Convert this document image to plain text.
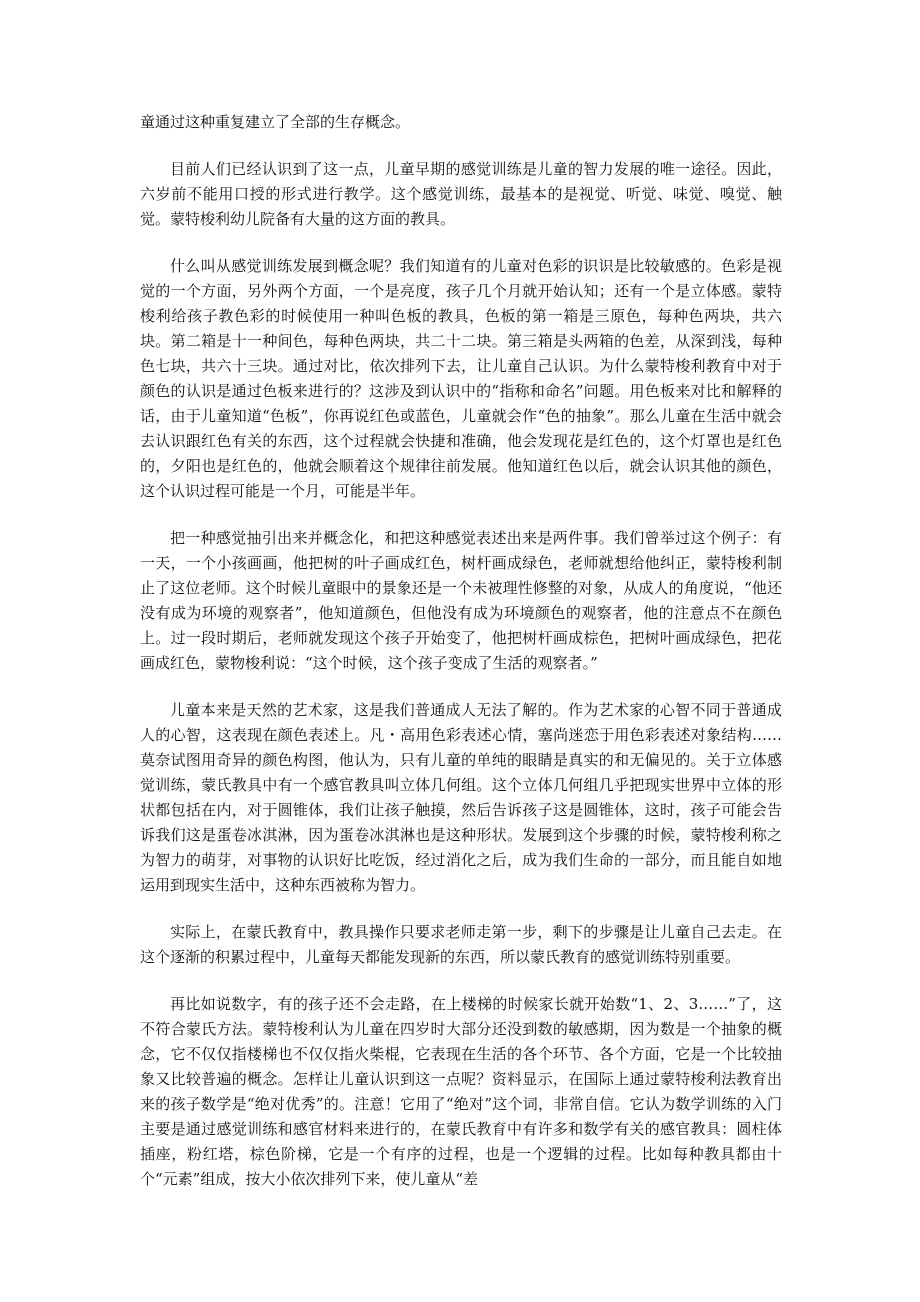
童通过这种重复建立了全部的生存概念。

目前人们已经认识到了这一点，儿童早期的感觉训练是儿童的智力发展的唯一途径。因此，六岁前不能用口授的形式进行教学。这个感觉训练，最基本的是视觉、听觉、味觉、嗅觉、触觉。蒙特梭利幼儿院备有大量的这方面的教具。

什么叫从感觉训练发展到概念呢？我们知道有的儿童对色彩的识识是比较敏感的。色彩是视觉的一个方面，另外两个方面，一个是亮度，孩子几个月就开始认知；还有一个是立体感。蒙特梭利给孩子教色彩的时候使用一种叫色板的教具，色板的第一箱是三原色，每种色两块，共六块。第二箱是十一种间色，每种色两块，共二十二块。第三箱是头两箱的色差，从深到浅，每种色七块，共六十三块。通过对比，依次排列下去，让儿童自己认识。为什么蒙特梭利教育中对于颜色的认识是通过色板来进行的？这涉及到认识中的“指称和命名”问题。用色板来对比和解释的话，由于儿童知道“色板”，你再说红色或蓝色，儿童就会作“色的抽象”。那么儿童在生活中就会去认识跟红色有关的东西，这个过程就会快捷和准确，他会发现花是红色的，这个灯罩也是红色的，夕阳也是红色的，他就会顺着这个规律往前发展。他知道红色以后，就会认识其他的颜色，这个认识过程可能是一个月，可能是半年。

把一种感觉抽引出来并概念化，和把这种感觉表述出来是两件事。我们曾举过这个例子：有一天，一个小孩画画，他把树的叶子画成红色，树杆画成绿色，老师就想给他纠正，蒙特梭利制止了这位老师。这个时候儿童眼中的景象还是一个未被理性修整的对象，从成人的角度说，“他还没有成为环境的观察者”，他知道颜色，但他没有成为环境颜色的观察者，他的注意点不在颜色上。过一段时期后，老师就发现这个孩子开始变了，他把树杆画成棕色，把树叶画成绿色，把花画成红色，蒙物梭利说：“这个时候，这个孩子变成了生活的观察者。”

儿童本来是天然的艺术家，这是我们普通成人无法了解的。作为艺术家的心智不同于普通成人的心智，这表现在颜色表述上。凡・高用色彩表述心情，塞尚迷恋于用色彩表述对象结构……莫奈试图用奇异的颜色构图，他认为，只有儿童的单纯的眼睛是真实的和无偏见的。关于立体感觉训练，蒙氏教具中有一个感官教具叫立体几何组。这个立体几何组几乎把现实世界中立体的形状都包括在内，对于圆锥体，我们让孩子触摸，然后告诉孩子这是圆锥体，这时，孩子可能会告诉我们这是蛋卷冰淇淋，因为蛋卷冰淇淋也是这种形状。发展到这个步骤的时候，蒙特梭利称之为智力的萌芽，对事物的认识好比吃饭，经过消化之后，成为我们生命的一部分，而且能自如地运用到现实生活中，这种东西被称为智力。

实际上，在蒙氏教育中，教具操作只要求老师走第一步，剩下的步骤是让儿童自己去走。在这个逐渐的积累过程中，儿童每天都能发现新的东西，所以蒙氏教育的感觉训练特别重要。

再比如说数字，有的孩子还不会走路，在上楼梯的时候家长就开始数“1、2、3……”了，这不符合蒙氏方法。蒙特梭利认为儿童在四岁时大部分还没到数的敏感期，因为数是一个抽象的概念，它不仅仅指楼梯也不仅仅指火柴棍，它表现在生活的各个环节、各个方面，它是一个比较抽象又比较普遍的概念。怎样让儿童认识到这一点呢？资料显示，在国际上通过蒙特梭利法教育出来的孩子数学是“绝对优秀”的。注意！它用了“绝对”这个词，非常自信。它认为数学训练的入门主要是通过感觉训练和感官材料来进行的，在蒙氏教育中有许多和数学有关的感官教具：圆柱体插座，粉红塔，棕色阶梯，它是一个有序的过程，也是一个逻辑的过程。比如每种教具都由十个“元素”组成，按大小依次排列下来，使儿童从“差
